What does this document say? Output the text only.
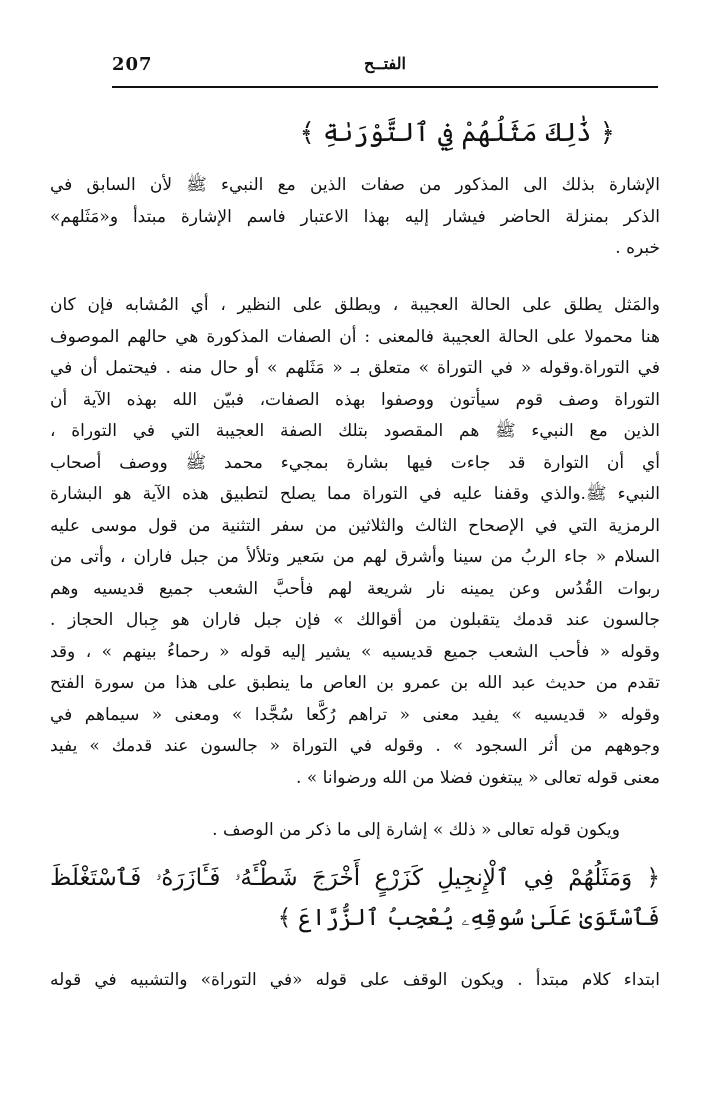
207	الفتــح
﴿ ذَٰلِكَ مَثَلُهُمْ فِي ٱلتَّوْرَىٰةِ ﴾
الإشارة بذلك الى المذكور من صفات الذين مع النبيء ﷺ لأن السابق في
الذكر بمنزلة الحاضر فيشار إليه بهذا الاعتبار فاسم الإشارة مبتدأ و«مَثَلهم»
خبره .
والمَثل يطلق على الحالة العجيبة ، ويطلق على النظير ، أي المُشابه فإن كان
هنا محمولا على الحالة العجيبة فالمعنى : أن الصفات المذكورة هي حالهم الموصوف
في التوراة.وقوله « في التوراة » متعلق بـ « مَثَلهم » أو حال منه . فيحتمل أن في
التوراة وصف قوم سيأتون ووصفوا بهذه الصفات، فبيّن الله بهذه الآية أن
الذين مع النبيء ﷺ هم المقصود بتلك الصفة العجيبة التي في التوراة ،
أي أن التوارة قد جاءت فيها بشارة بمجيء محمد ﷺ ووصف أصحاب
النبيء ﷺ.والذي وقفنا عليه في التوراة مما يصلح لتطبيق هذه الآية هو البشارة
الرمزية التي في الإصحاح الثالث والثلاثين من سفر التثنية من قول موسى عليه
السلام « جاء الربُ من سينا وأشرق لهم من سَعير وتلألأ من جبل فاران ، وأتى من
ربوات القُدُس وعن يمينه نار شريعة لهم فأحبَّ الشعب جميع قديسيه وهم
جالسون عند قدمك يتقبلون من أقوالك » فإن جبل فاران هو جِبال الحجاز .
وقوله « فأحب الشعب جميع قديسيه » يشير إليه قوله « رحماءُ بينهم » ، وقد
تقدم من حديث عبد الله بن عمرو بن العاص ما ينطبق على هذا من سورة الفتح
وقوله « قديسيه » يفيد معنى « تراهم رُكَّعا سُجَّدا » ومعنى « سيماهم في
وجوههم من أثر السجود » . وقوله في التوراة « جالسون عند قدمك » يفيد
معنى قوله تعالى « يبتغون فضلا من الله ورضوانا » .
ويكون قوله تعالى « ذلك » إشارة إلى ما ذكر من الوصف .
﴿ وَمَثَلُهُمْ فِي ٱلْإِنجِيلِ كَزَرْعٍ أَخْرَجَ شَطْـَٔهُۥ فَـَٔازَرَهُۥ فَٱسْتَغْلَظَ
فَٱسْتَوَىٰ عَلَىٰ سُوقِهِۦ يُعْجِبُ ٱلزُّرَّاعَ ﴾
ابتداء كلام مبتدأ . ويكون الوقف على قوله «في التوراة» والتشبيه في قوله
